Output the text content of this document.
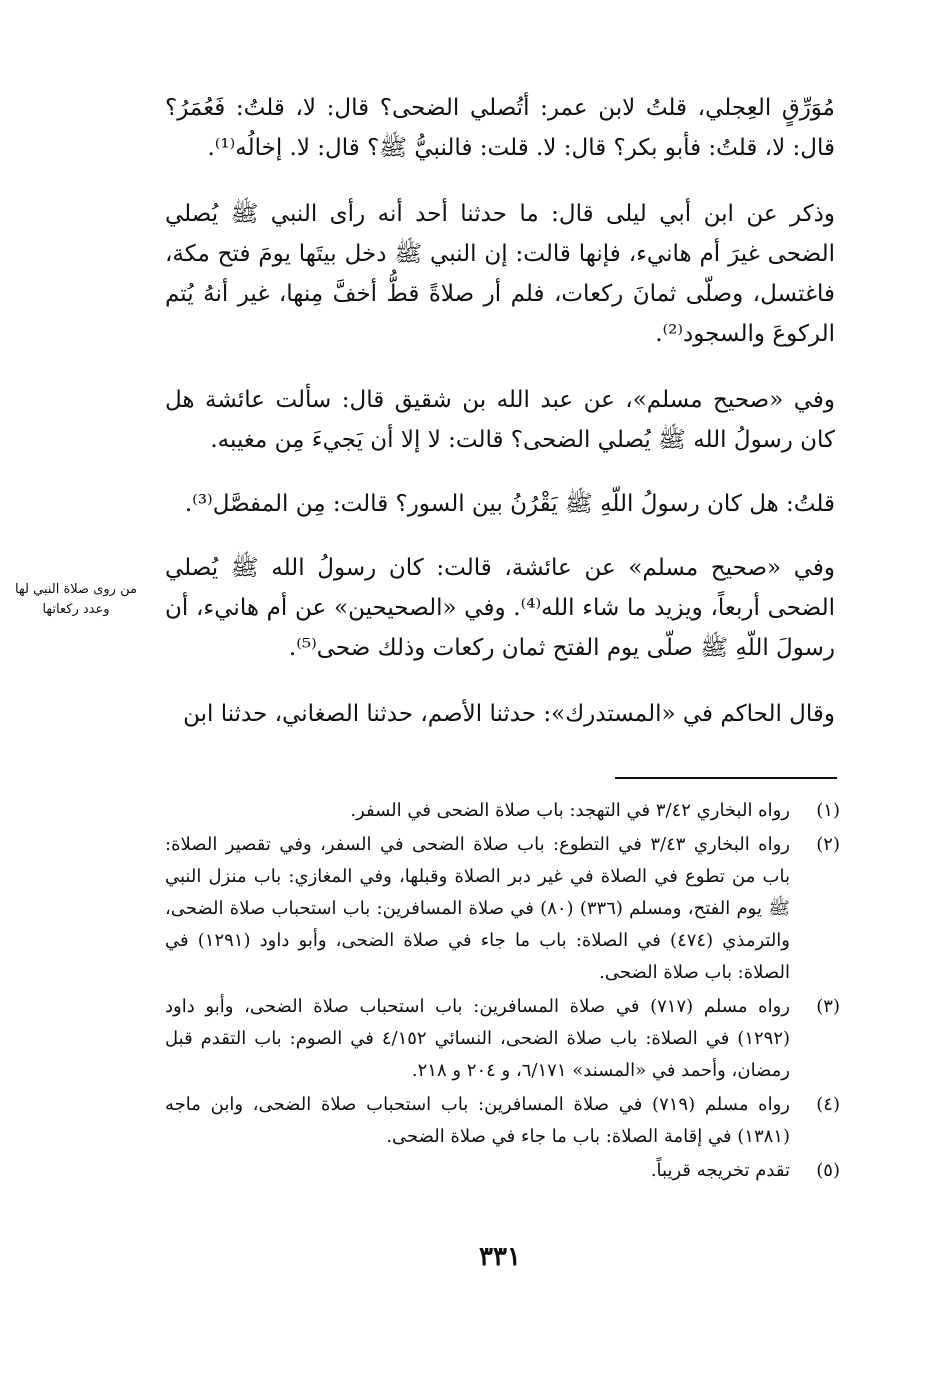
مُوَرِّقٍ العِجلي، قلتُ لابن عمر: أتُصلي الضحى؟ قال: لا، قلتُ: فَعُمَرُ؟ قال: لا، قلتُ: فأبو بكر؟ قال: لا. قلت: فالنبيُّ ﷺ؟ قال: لا. إخالُه⁽¹⁾.

وذكر عن ابن أبي ليلى قال: ما حدثنا أحد أنه رأى النبي ﷺ يُصلي الضحى غيرَ أم هانيء، فإنها قالت: إن النبي ﷺ دخل بيتَها يومَ فتح مكة، فاغتسل، وصلّى ثمانَ ركعات، فلم أر صلاةً قطُّ أخفَّ مِنها، غير أنهُ يُتم الركوعَ والسجود⁽²⁾.

وفي «صحيح مسلم»، عن عبد الله بن شقيق قال: سألت عائشة هل كان رسولُ الله ﷺ يُصلي الضحى؟ قالت: لا إلا أن يَجيءَ مِن مغيبه.

قلتُ: هل كان رسولُ اللّهِ ﷺ يَقْرُنُ بين السور؟ قالت: مِن المفصَّل⁽³⁾.

وفي «صحيح مسلم» عن عائشة، قالت: كان رسولُ الله ﷺ يُصلي الضحى أربعاً، ويزيد ما شاء الله⁽⁴⁾. وفي «الصحيحين» عن أم هانيء، أن رسولَ اللّهِ ﷺ صلّى يوم الفتح ثمان ركعات وذلك ضحى⁽⁵⁾.

وقال الحاكم في «المستدرك»: حدثنا الأصم، حدثنا الصغاني، حدثنا ابن

من روى صلاة النبي لها وعدد ركعاتها
(١)
رواه البخاري ٣/٤٢ في التهجد: باب صلاة الضحى في السفر.
(٢)
رواه البخاري ٣/٤٣ في التطوع: باب صلاة الضحى في السفر، وفي تقصير الصلاة: باب من تطوع في الصلاة في غير دبر الصلاة وقبلها، وفي المغازي: باب منزل النبي ﷺ يوم الفتح، ومسلم (٣٣٦) (٨٠) في صلاة المسافرين: باب استحباب صلاة الضحى، والترمذي (٤٧٤) في الصلاة: باب ما جاء في صلاة الضحى، وأبو داود (١٢٩١) في الصلاة: باب صلاة الضحى.
(٣)
رواه مسلم (٧١٧) في صلاة المسافرين: باب استحباب صلاة الضحى، وأبو داود (١٢٩٢) في الصلاة: باب صلاة الضحى، النسائي ٤/١٥٢ في الصوم: باب التقدم قبل رمضان، وأحمد في «المسند» ٦/١٧١، و ٢٠٤ و ٢١٨.
(٤)
رواه مسلم (٧١٩) في صلاة المسافرين: باب استحباب صلاة الضحى، وابن ماجه (١٣٨١) في إقامة الصلاة: باب ما جاء في صلاة الضحى.
(٥)
تقدم تخريجه قريباً.
٣٣١
